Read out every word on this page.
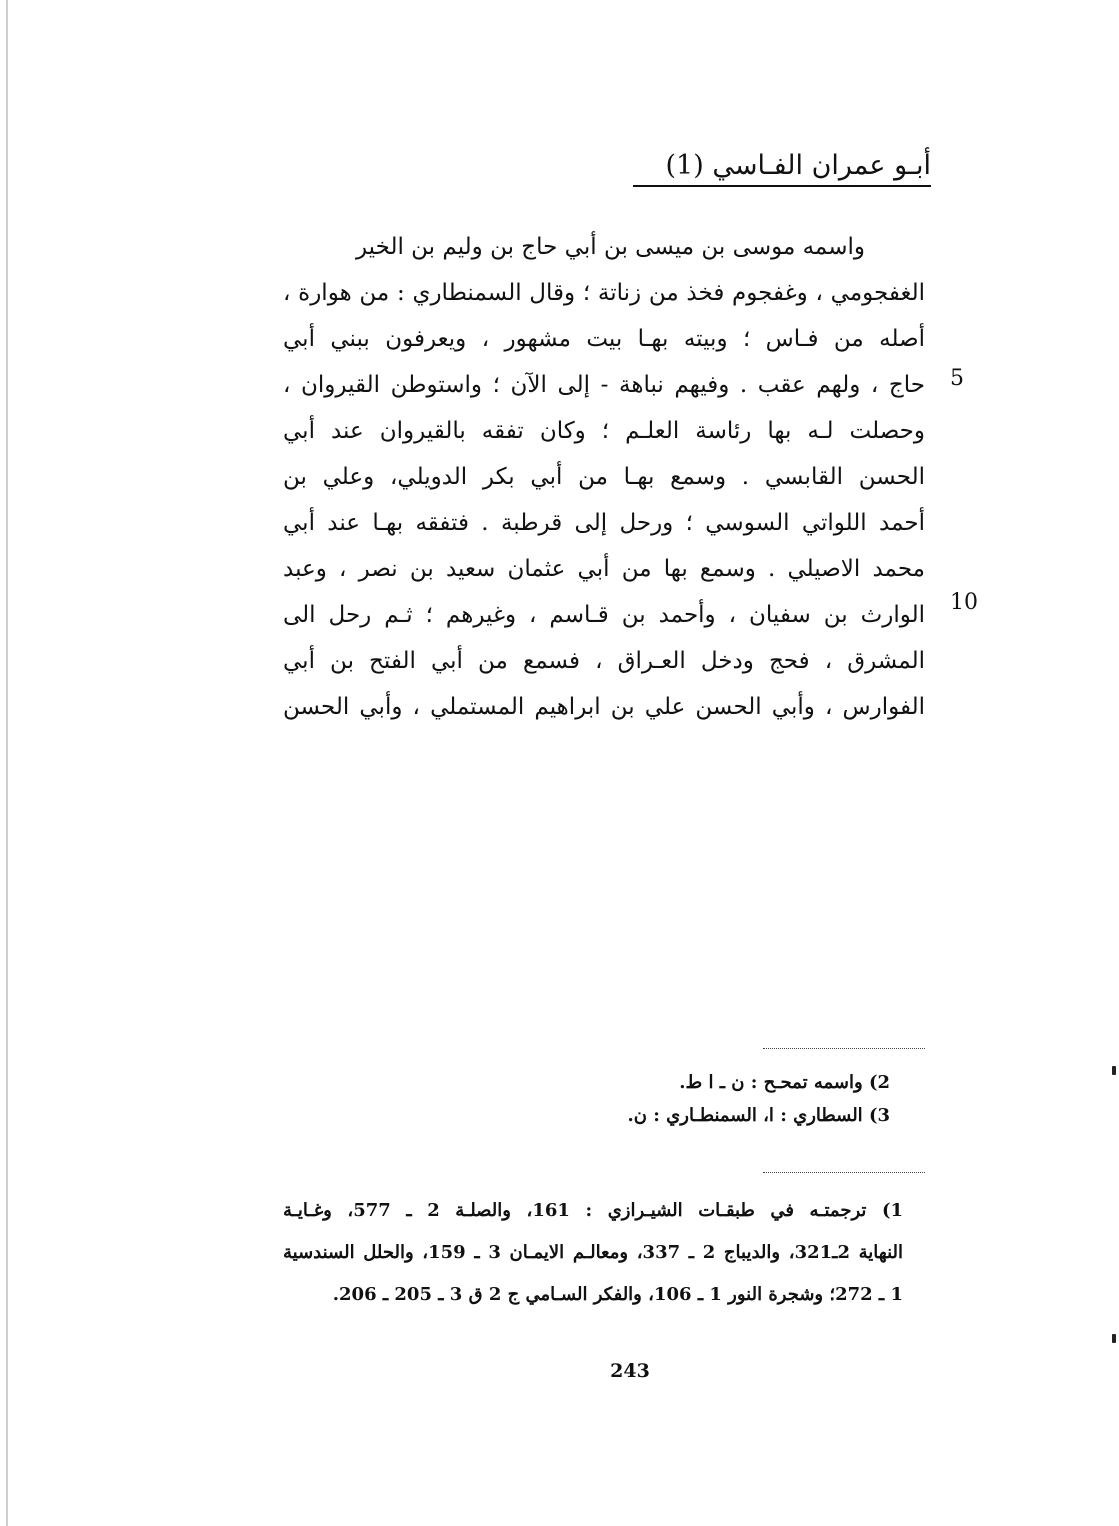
أبـو عمران الفـاسي (1)
واسمه موسى بن ميسى بن أبي حاج بن وليم بن الخير
الغفجومي ، وغفجوم فخذ من زناتة ؛ وقال السمنطاري : من هوارة ،
أصله من فـاس ؛ وبيته بهـا بيت مشهور ، ويعرفون ببني أبي
حاج ، ولهم عقب . وفيهم نباهة - إلى الآن ؛ واستوطن القيروان ،
وحصلت لـه بها رئاسة العلـم ؛ وكان تفقه بالقيروان عند أبي
الحسن القابسي . وسمع بهـا من أبي بكر الدويلي، وعلي بن
أحمد اللواتي السوسي ؛ ورحل إلى قرطبة . فتفقه بهـا عند أبي
محمد الاصيلي . وسمع بها من أبي عثمان سعيد بن نصر ، وعبد
الوارث بن سفيان ، وأحمد بن قـاسم ، وغيرهم ؛ ثـم رحل الى
المشرق ، فحج ودخل العـراق ، فسمع من أبي الفتح بن أبي
الفوارس ، وأبي الحسن علي بن ابراهيم المستملي ، وأبي الحسن
5
10
2) واسمه تمحـح : ن ـ ا ط.
3) السطاري : ا، السمنطـاري : ن.
1) ترجمتـه في طبقـات الشيـرازي : 161، والصلـة 2 ـ 577، وغـايـة
النهاية 2ـ321، والديباج 2 ـ 337، ومعالـم الايمـان 3 ـ 159، والحلل السندسية
1 ـ 272؛ وشجرة النور 1 ـ 106، والفكر السـامي ج 2 ق 3 ـ 205 ـ 206.
243
